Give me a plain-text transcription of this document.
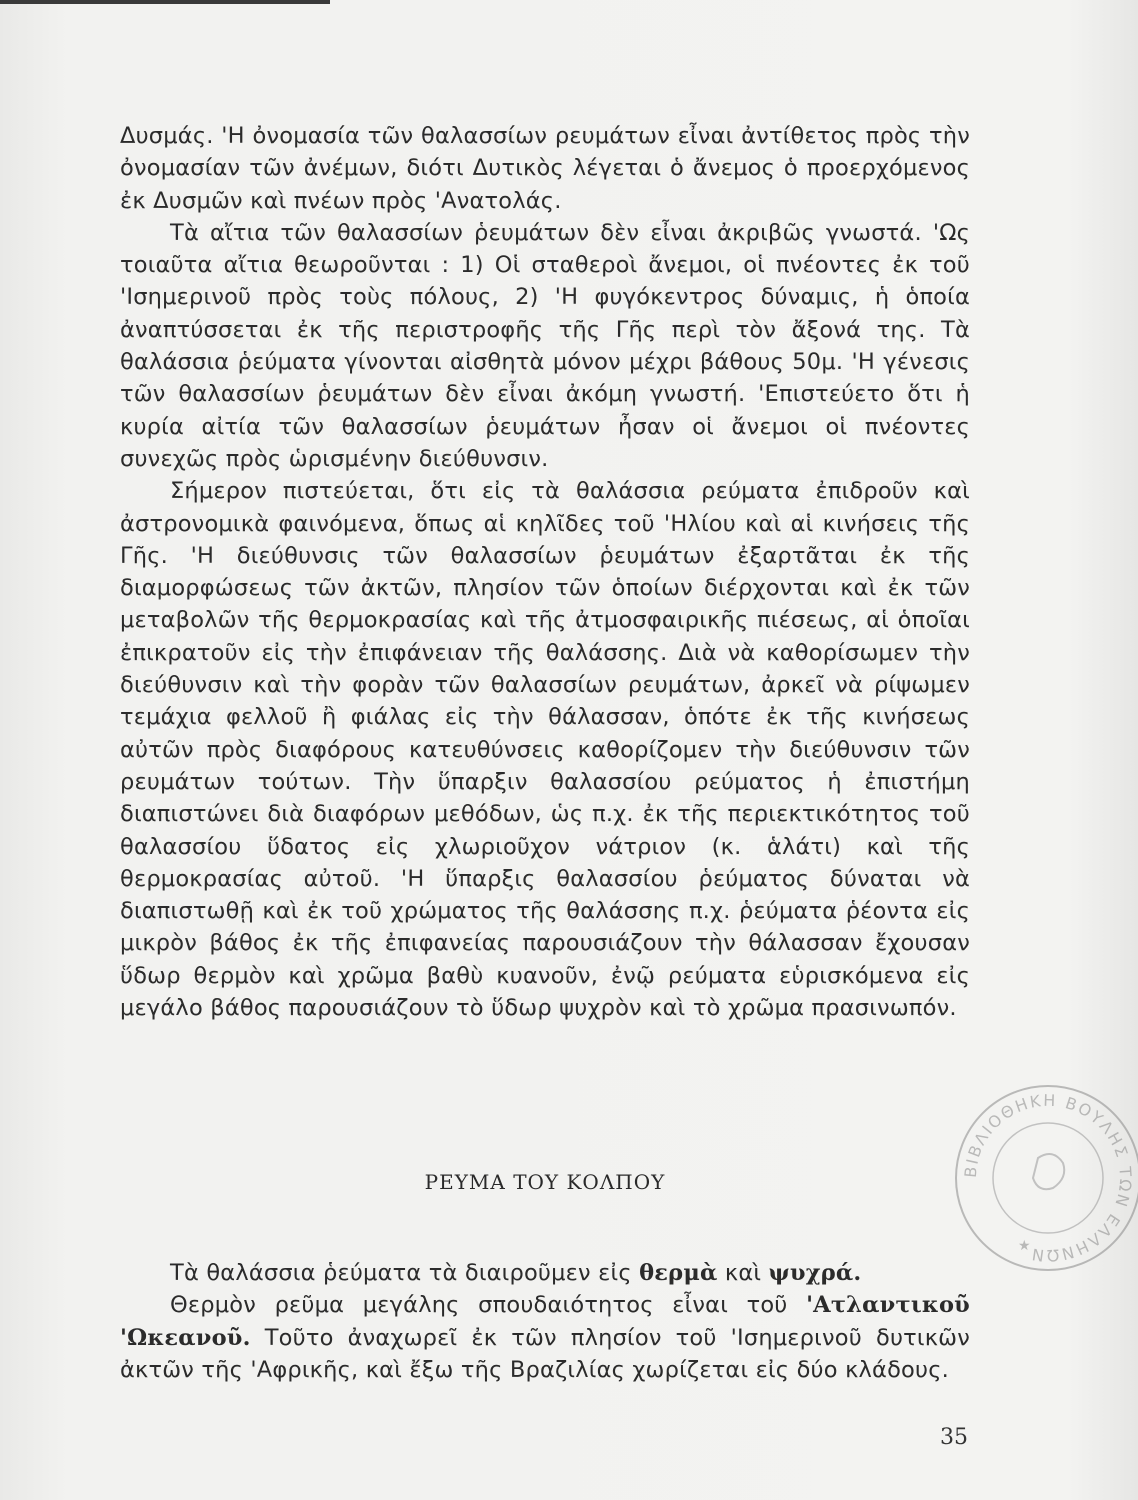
Δυσμάς. 'Η ὀνομασία τῶν θαλασσίων ρευμάτων εἶναι ἀντίθετος πρὸς τὴν ὀνομασίαν τῶν ἀνέμων, διότι Δυτικὸς λέγεται ὁ ἄνεμος ὁ προερχόμενος ἐκ Δυσμῶν καὶ πνέων πρὸς 'Ανατολάς.

Τὰ αἴτια τῶν θαλασσίων ῥευμάτων δὲν εἶναι ἀκριβῶς γνωστά. 'Ως τοιαῦτα αἴτια θεωροῦνται : 1) Οἱ σταθεροὶ ἄνεμοι, οἱ πνέοντες ἐκ τοῦ 'Ισημερινοῦ πρὸς τοὺς πόλους, 2) 'Η φυγόκεντρος δύναμις, ἡ ὁποία ἀναπτύσσεται ἐκ τῆς περιστροφῆς τῆς Γῆς περὶ τὸν ἄξονά της. Τὰ θαλάσσια ῥεύματα γίνονται αἰσθητὰ μόνον μέχρι βάθους 50μ. 'Η γένεσις τῶν θαλασσίων ῥευμάτων δὲν εἶναι ἀκόμη γνωστή. 'Επιστεύετο ὅτι ἡ κυρία αἰτία τῶν θαλασσίων ῥευμάτων ἦσαν οἱ ἄνεμοι οἱ πνέοντες συνεχῶς πρὸς ὡρισμένην διεύθυνσιν.

Σήμερον πιστεύεται, ὅτι εἰς τὰ θαλάσσια ρεύματα ἐπιδροῦν καὶ ἀστρονομικὰ φαινόμενα, ὅπως αἱ κηλῖδες τοῦ 'Ηλίου καὶ αἱ κινήσεις τῆς Γῆς. 'Η διεύθυνσις τῶν θαλασσίων ῥευμάτων ἐξαρτᾶται ἐκ τῆς διαμορφώσεως τῶν ἀκτῶν, πλησίον τῶν ὁποίων διέρχονται καὶ ἐκ τῶν μεταβολῶν τῆς θερμοκρασίας καὶ τῆς ἀτμοσφαιρικῆς πιέσεως, αἱ ὁποῖαι ἐπικρατοῦν εἰς τὴν ἐπιφάνειαν τῆς θαλάσσης. Διὰ νὰ καθορίσωμεν τὴν διεύθυνσιν καὶ τὴν φορὰν τῶν θαλασσίων ρευμάτων, ἀρκεῖ νὰ ρίψωμεν τεμάχια φελλοῦ ἢ φιάλας εἰς τὴν θάλασσαν, ὁπότε ἐκ τῆς κινήσεως αὐτῶν πρὸς διαφόρους κατευθύνσεις καθορίζομεν τὴν διεύθυνσιν τῶν ρευμάτων τούτων. Τὴν ὕπαρξιν θαλασσίου ρεύματος ἡ ἐπιστήμη διαπιστώνει διὰ διαφόρων μεθόδων, ὡς π.χ. ἐκ τῆς περιεκτικότητος τοῦ θαλασσίου ὕδατος εἰς χλωριοῦχον νάτριον (κ. ἁλάτι) καὶ τῆς θερμοκρασίας αὐτοῦ. 'Η ὕπαρξις θαλασσίου ῥεύματος δύναται νὰ διαπιστωθῇ καὶ ἐκ τοῦ χρώματος τῆς θαλάσσης π.χ. ῥεύματα ῥέοντα εἰς μικρὸν βάθος ἐκ τῆς ἐπιφανείας παρουσιάζουν τὴν θάλασσαν ἔχουσαν ὕδωρ θερμὸν καὶ χρῶμα βαθὺ κυανοῦν, ἐνῷ ρεύματα εὑρισκόμενα εἰς μεγάλο βάθος παρουσιάζουν τὸ ὕδωρ ψυχρὸν καὶ τὸ χρῶμα πρασινωπόν.

ΡΕΥΜΑ ΤΟΥ ΚΟΛΠΟΥ

Τὰ θαλάσσια ῥεύματα τὰ διαιροῦμεν εἰς θερμὰ καὶ ψυχρά.

Θερμὸν ρεῦμα μεγάλης σπουδαιότητος εἶναι τοῦ 'Ατλαντικοῦ 'Ωκεανοῦ. Τοῦτο ἀναχωρεῖ ἐκ τῶν πλησίον τοῦ 'Ισημερινοῦ δυτικῶν ἀκτῶν τῆς 'Αφρικῆς, καὶ ἔξω τῆς Βραζιλίας χωρίζεται εἰς δύο κλάδους.

35
ΒΙΒΛΙΟΘΗΚΗ ΒΟΥΛΗΣ ΤΩΝ ΕΛΛΗΝΩΝ
★
